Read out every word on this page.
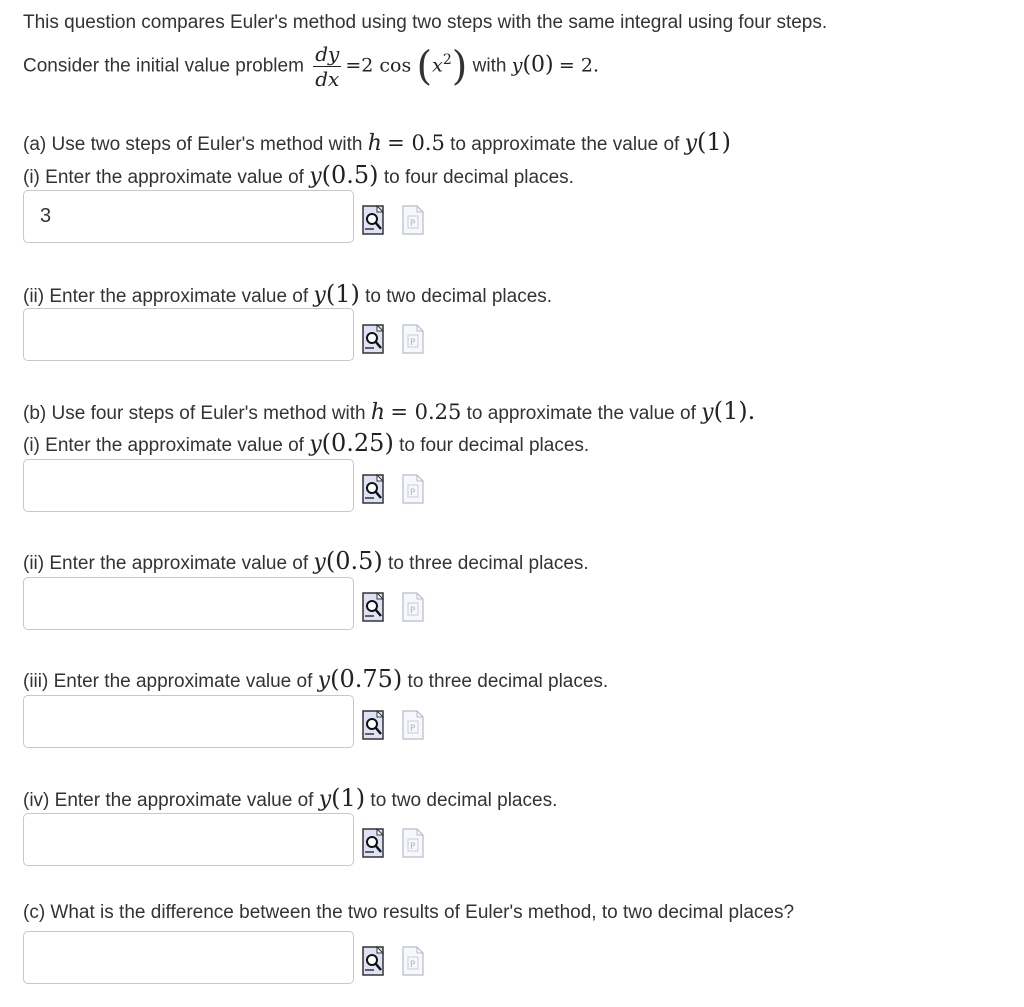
This question compares Euler's method using two steps with the same integral using four steps.
Consider the initial value problem $\frac{dy}{dx} =2$ $\cos (x^2)$ with y(0) = 2.
(a) Use two steps of Euler's method with h = 0.5 to approximate the value of y(1)
(i) Enter the approximate value of y(0.5) to four decimal places.
3
P
(ii) Enter the approximate value of y(1) to two decimal places.
P
(b) Use four steps of Euler's method with h = 0.25 to approximate the value of y(1).
(i) Enter the approximate value of y(0.25) to four decimal places.
P
(ii) Enter the approximate value of y(0.5) to three decimal places.
P
(iii) Enter the approximate value of y(0.75) to three decimal places.
P
(iv) Enter the approximate value of y(1) to two decimal places.
P
(c) What is the difference between the two results of Euler's method, to two decimal places?
P
